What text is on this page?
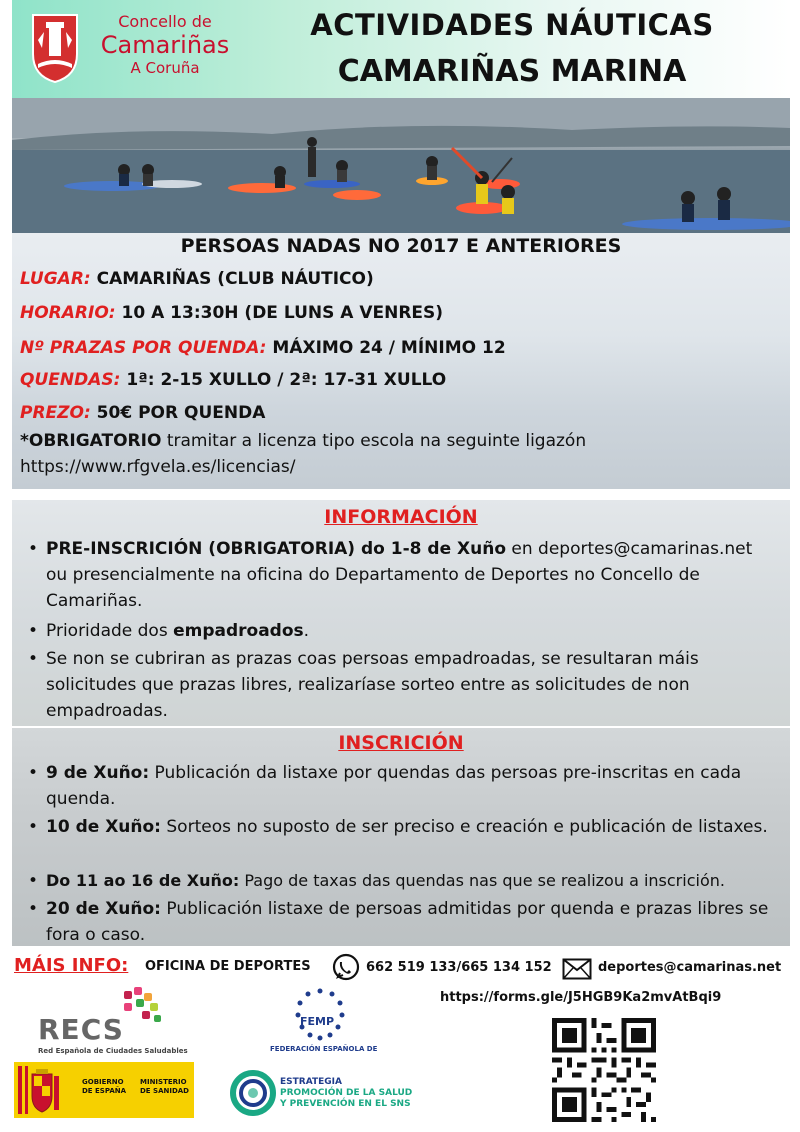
Concello de
Camariñas
A Coruña
ACTIVIDADES NÁUTICAS
CAMARIÑAS MARINA
PERSOAS NADAS NO 2017 E ANTERIORES
LUGAR: CAMARIÑAS (CLUB NÁUTICO)
HORARIO: 10 A 13:30H (DE LUNS A VENRES)
Nº PRAZAS POR QUENDA: MÁXIMO 24 / MÍNIMO 12
QUENDAS: 1ª: 2-15 XULLO / 2ª: 17-31 XULLO
PREZO: 50€ POR QUENDA
*OBRIGATORIO tramitar a licenza tipo escola na seguinte ligazón
https://www.rfgvela.es/licencias/
INFORMACIÓN
• PRE-INSCRICIÓN (OBRIGATORIA) do 1-8 de Xuño en deportes@camarinas.net ou presencialmente na oficina do Departamento de Deportes no Concello de Camariñas.
• Prioridade dos empadroados.
• Se non se cubriran as prazas coas persoas empadroadas, se resultaran máis solicitudes que prazas libres, realizaríase sorteo entre as solicitudes de non empadroadas.
INSCRICIÓN
• 9 de Xuño: Publicación da listaxe por quendas das persoas pre-inscritas en cada quenda.
• 10 de Xuño: Sorteos no suposto de ser preciso e creación e publicación de listaxes.
• Do 11 ao 16 de Xuño: Pago de taxas das quendas nas que se realizou a inscrición.
• 20 de Xuño: Publicación listaxe de persoas admitidas por quenda e prazas libres se fora o caso.
MÁIS INFO: OFICINA DE DEPORTES	662 519 133/665 134 152	deportes@camarinas.net
https://forms.gle/J5HGB9Ka2mvAtBqi9
RECS
Red Española de Ciudades Saludables
FEMP
FEDERACIÓN ESPAÑOLA DE
GOBIERNO
DE ESPAÑA
MINISTERIO
DE SANIDAD
ESTRATEGIA
PROMOCIÓN DE LA SALUD
Y PREVENCIÓN EN EL SNS
